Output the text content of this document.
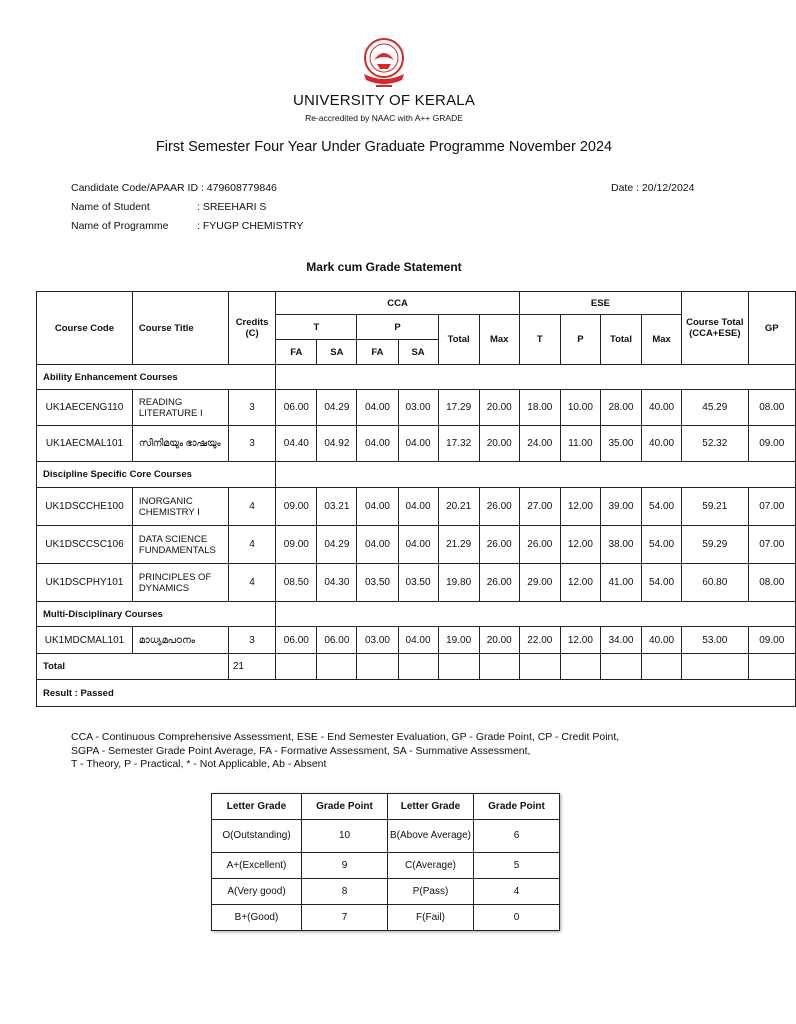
UNIVERSITY OF KERALA
Re-accredited by NAAC with A++ GRADE
First Semester Four Year Under Graduate Programme November 2024
Candidate Code/APAAR ID : 479608779846	Date : 20/12/2024
Name of Student	: SREEHARI S
Name of Programme	: FYUGP CHEMISTRY
Mark cum Grade Statement
Course Code	Course Title	Credits (C)	CCA						ESE				Course Total (CCA+ESE)	GP
			T		P		Total	Max	T	P	Total	Max		
			FA	SA	FA	SA								
Ability Enhancement Courses														
UK1AECENG110	READING LITERATURE I	3	06.00	04.29	04.00	03.00	17.29	20.00	18.00	10.00	28.00	40.00	45.29	08.00
UK1AECMAL101	സിനിമയും ഭാഷയും	3	04.40	04.92	04.00	04.00	17.32	20.00	24.00	11.00	35.00	40.00	52.32	09.00
Discipline Specific Core Courses														
UK1DSCCHE100	INORGANIC CHEMISTRY I	4	09.00	03.21	04.00	04.00	20.21	26.00	27.00	12.00	39.00	54.00	59.21	07.00
UK1DSCCSC106	DATA SCIENCE FUNDAMENTALS	4	09.00	04.29	04.00	04.00	21.29	26.00	26.00	12.00	38.00	54.00	59.29	07.00
UK1DSCPHY101	PRINCIPLES OF DYNAMICS	4	08.50	04.30	03.50	03.50	19.80	26.00	29.00	12.00	41.00	54.00	60.80	08.00
Multi-Disciplinary Courses														
UK1MDCMAL101	മാധ്യമപഠനം	3	06.00	06.00	03.00	04.00	19.00	20.00	22.00	12.00	34.00	40.00	53.00	09.00
Total		21												
Result : Passed														
CCA - Continuous Comprehensive Assessment, ESE - End Semester Evaluation, GP - Grade Point, CP - Credit Point,
SGPA - Semester Grade Point Average, FA - Formative Assessment, SA - Summative Assessment,
T - Theory, P - Practical, * - Not Applicable, Ab - Absent
Letter Grade	Grade Point	Letter Grade	Grade Point
O(Outstanding)	10	B(Above Average)	6
A+(Excellent)	9	C(Average)	5
A(Very good)	8	P(Pass)	4
B+(Good)	7	F(Fail)	0
